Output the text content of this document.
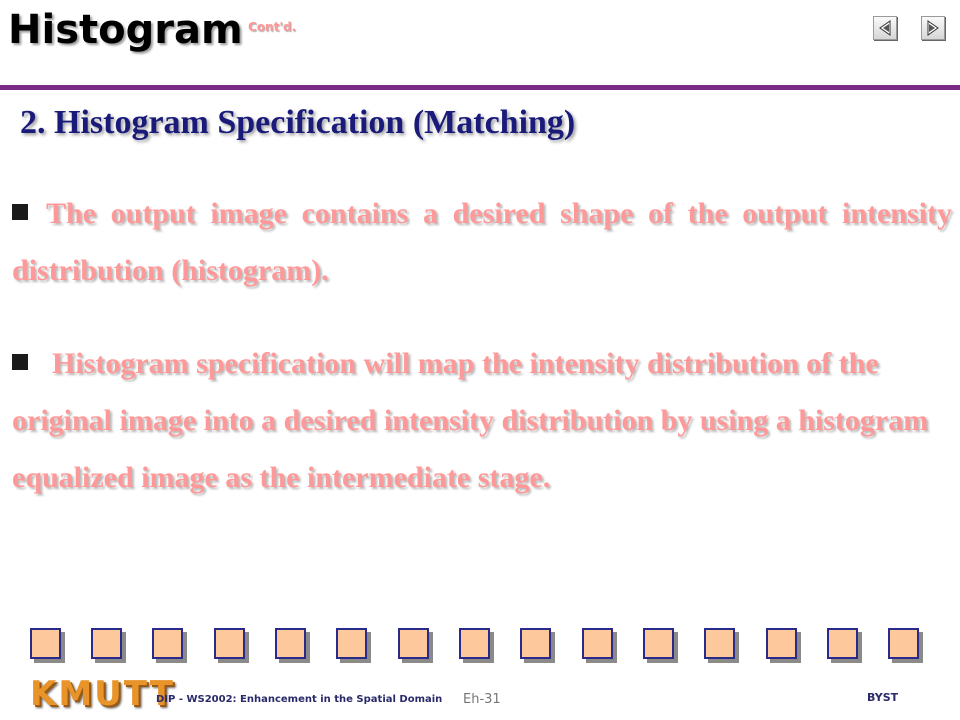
Histogram Cont'd.
2. Histogram Specification (Matching)
The output image contains a desired shape of the output intensity distribution (histogram).
Histogram specification will map the intensity distribution of the original image into a desired intensity distribution by using a histogram equalized image as the intermediate stage.
KMUTT
DIP - WS2002: Enhancement in the Spatial Domain Eh-31	BYST
